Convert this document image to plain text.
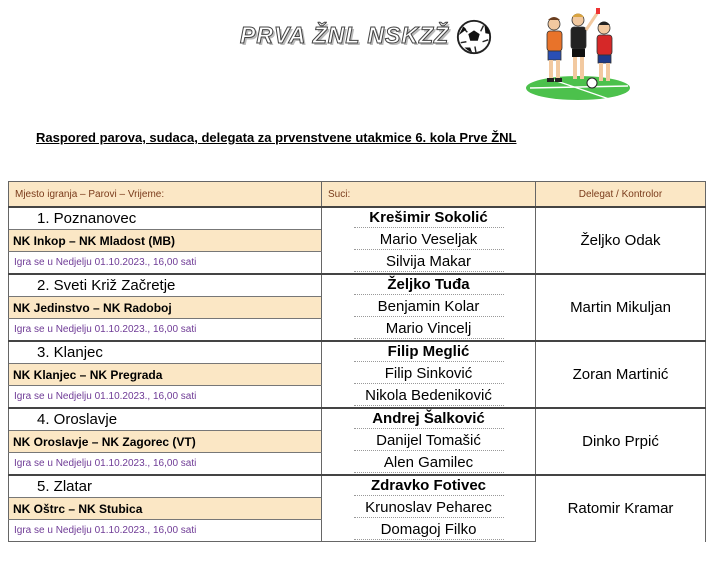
PRVA ŽNL NSKZŽ
Raspored parova, sudaca, delegata za prvenstvene utakmice 6. kola Prve ŽNL
Mjesto igranja – Parovi – Vrijeme:	Suci:	Delegat / Kontrolor
1. Poznanovec	Krešimir Sokolić	Željko Odak
NK Inkop – NK Mladost (MB)	Mario Veseljak	
Igra se u Nedjelju 01.10.2023., 16,00 sati	Silvija Makar	
2. Sveti Križ Začretje	Željko Tuđa	Martin Mikuljan
NK Jedinstvo – NK Radoboj	Benjamin Kolar	
Igra se u Nedjelju 01.10.2023., 16,00 sati	Mario Vincelj	
3. Klanjec	Filip Meglić	Zoran Martinić
NK Klanjec – NK Pregrada	Filip Sinković	
Igra se u Nedjelju 01.10.2023., 16,00 sati	Nikola Bedeniković	
4. Oroslavje	Andrej Šalković	Dinko Prpić
NK Oroslavje – NK Zagorec (VT)	Danijel Tomašić	
Igra se u Nedjelju 01.10.2023., 16,00 sati	Alen Gamilec	
5. Zlatar	Zdravko Fotivec	Ratomir Kramar
NK Oštrc – NK Stubica	Krunoslav Peharec	
Igra se u Nedjelju 01.10.2023., 16,00 sati	Domagoj Filko	
